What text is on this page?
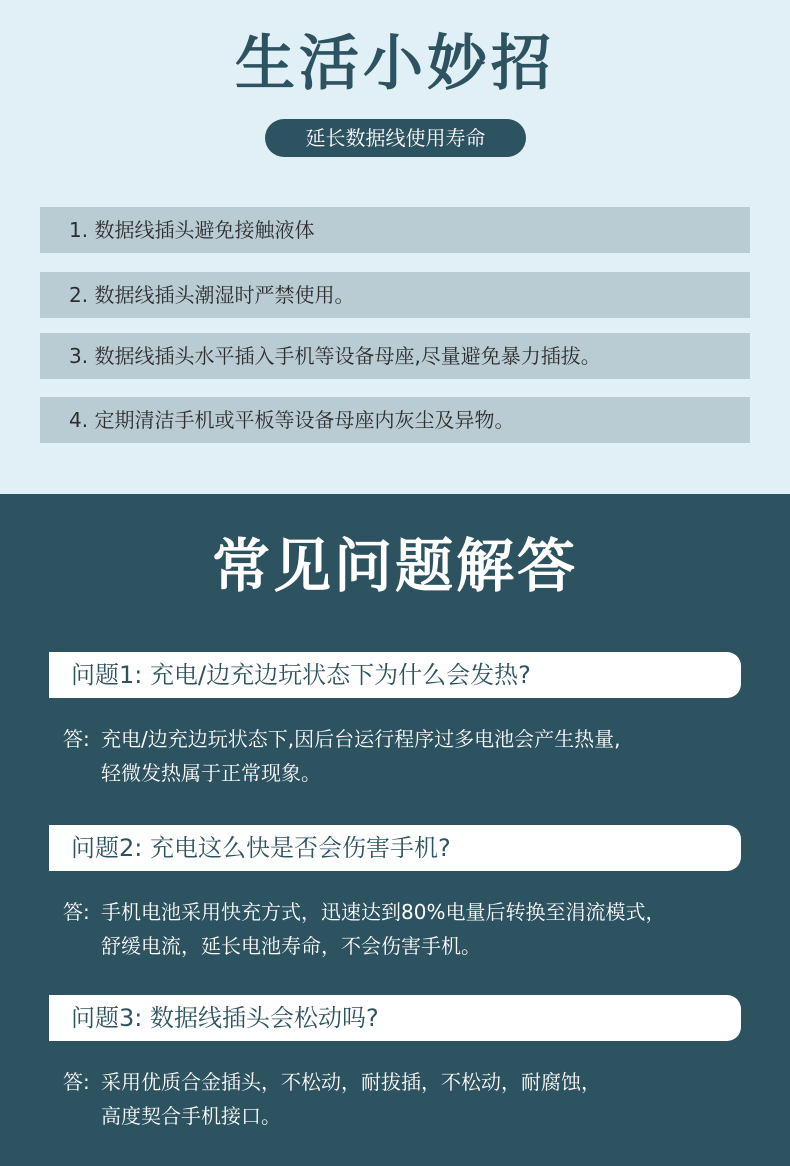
生活小妙招
延长数据线使用寿命
1. 数据线插头避免接触液体
2. 数据线插头潮湿时严禁使用。
3. 数据线插头水平插入手机等设备母座,尽量避免暴力插拔。
4. 定期清洁手机或平板等设备母座内灰尘及异物。
常见问题解答
问题1: 充电/边充边玩状态下为什么会发热?
答: 充电/边充边玩状态下,因后台运行程序过多电池会产生热量,
轻微发热属于正常现象。
问题2: 充电这么快是否会伤害手机?
答: 手机电池采用快充方式，迅速达到80%电量后转换至涓流模式，
舒缓电流，延长电池寿命，不会伤害手机。
问题3: 数据线插头会松动吗?
答: 采用优质合金插头，不松动，耐拔插，不松动，耐腐蚀，
高度契合手机接口。
